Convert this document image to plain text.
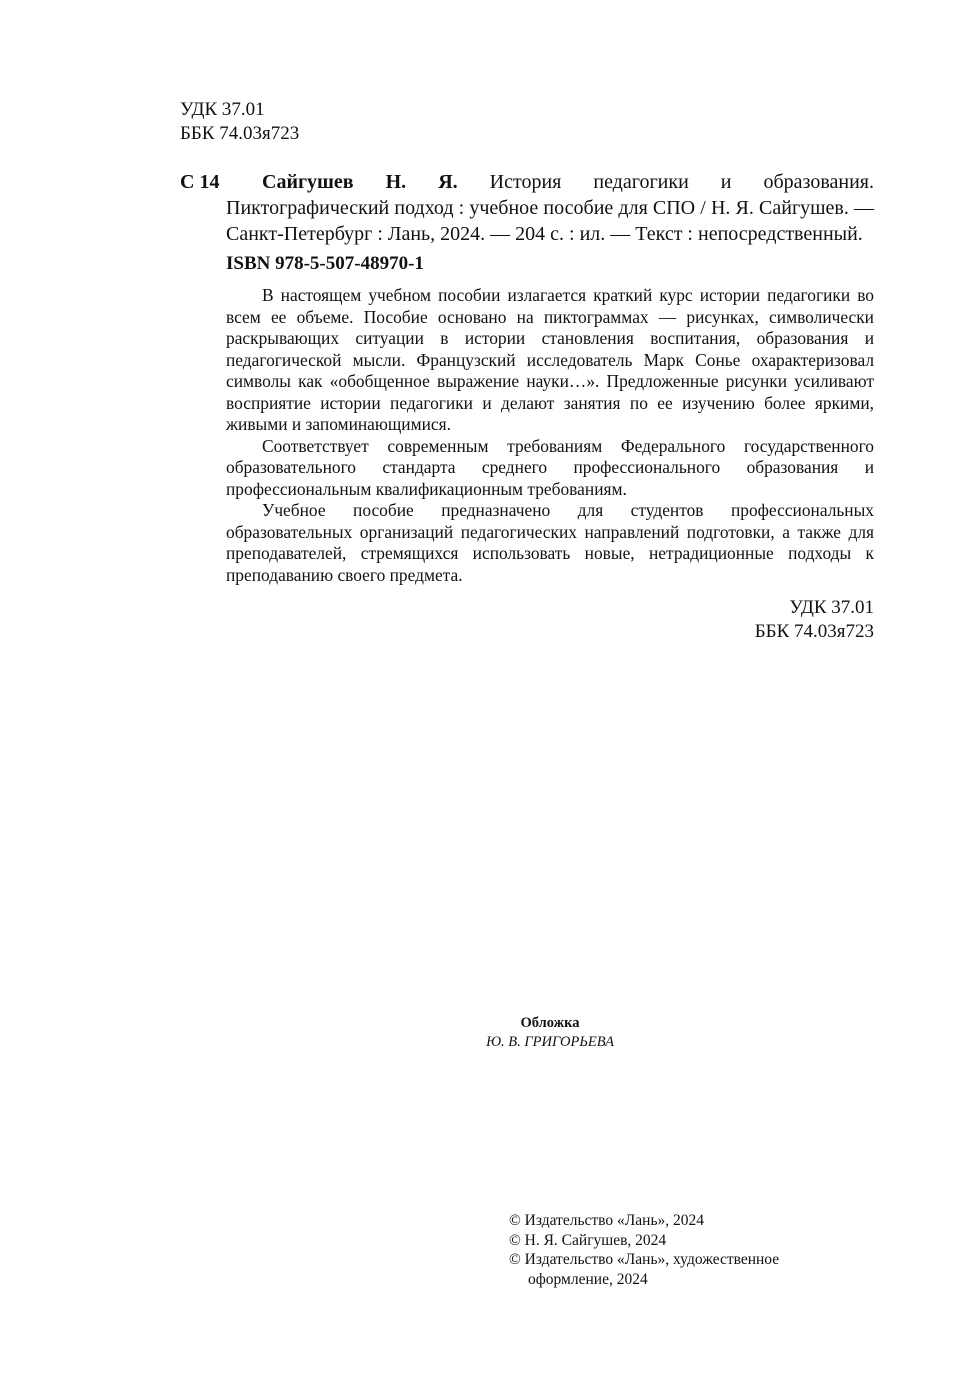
УДК 37.01
ББК 74.03я723
С 14	Сайгушев Н. Я. История педагогики и образования. Пиктографический подход : учебное пособие для СПО / Н. Я. Сайгушев. — Санкт-Петербург : Лань, 2024. — 204 с. : ил. — Текст : непосредственный.
ISBN 978-5-507-48970-1

В настоящем учебном пособии излагается краткий курс истории педагогики во всем ее объеме. Пособие основано на пиктограммах — рисунках, символически раскрывающих ситуации в истории становления воспитания, образования и педагогической мысли. Французский исследователь Марк Сонье охарактеризовал символы как «обобщенное выражение науки…». Предложенные рисунки усиливают восприятие истории педагогики и делают занятия по ее изучению более яркими, живыми и запоминающимися.

Соответствует современным требованиям Федерального государственного образовательного стандарта среднего профессионального образования и профессиональным квалификационным требованиям.

Учебное пособие предназначено для студентов профессиональных образовательных организаций педагогических направлений подготовки, а также для преподавателей, стремящихся использовать новые, нетрадиционные подходы к преподаванию своего предмета.

УДК 37.01
ББК 74.03я723
Обложка
Ю. В. ГРИГОРЬЕВА
© Издательство «Лань», 2024
© Н. Я. Сайгушев, 2024
© Издательство «Лань», художественное
оформление, 2024
